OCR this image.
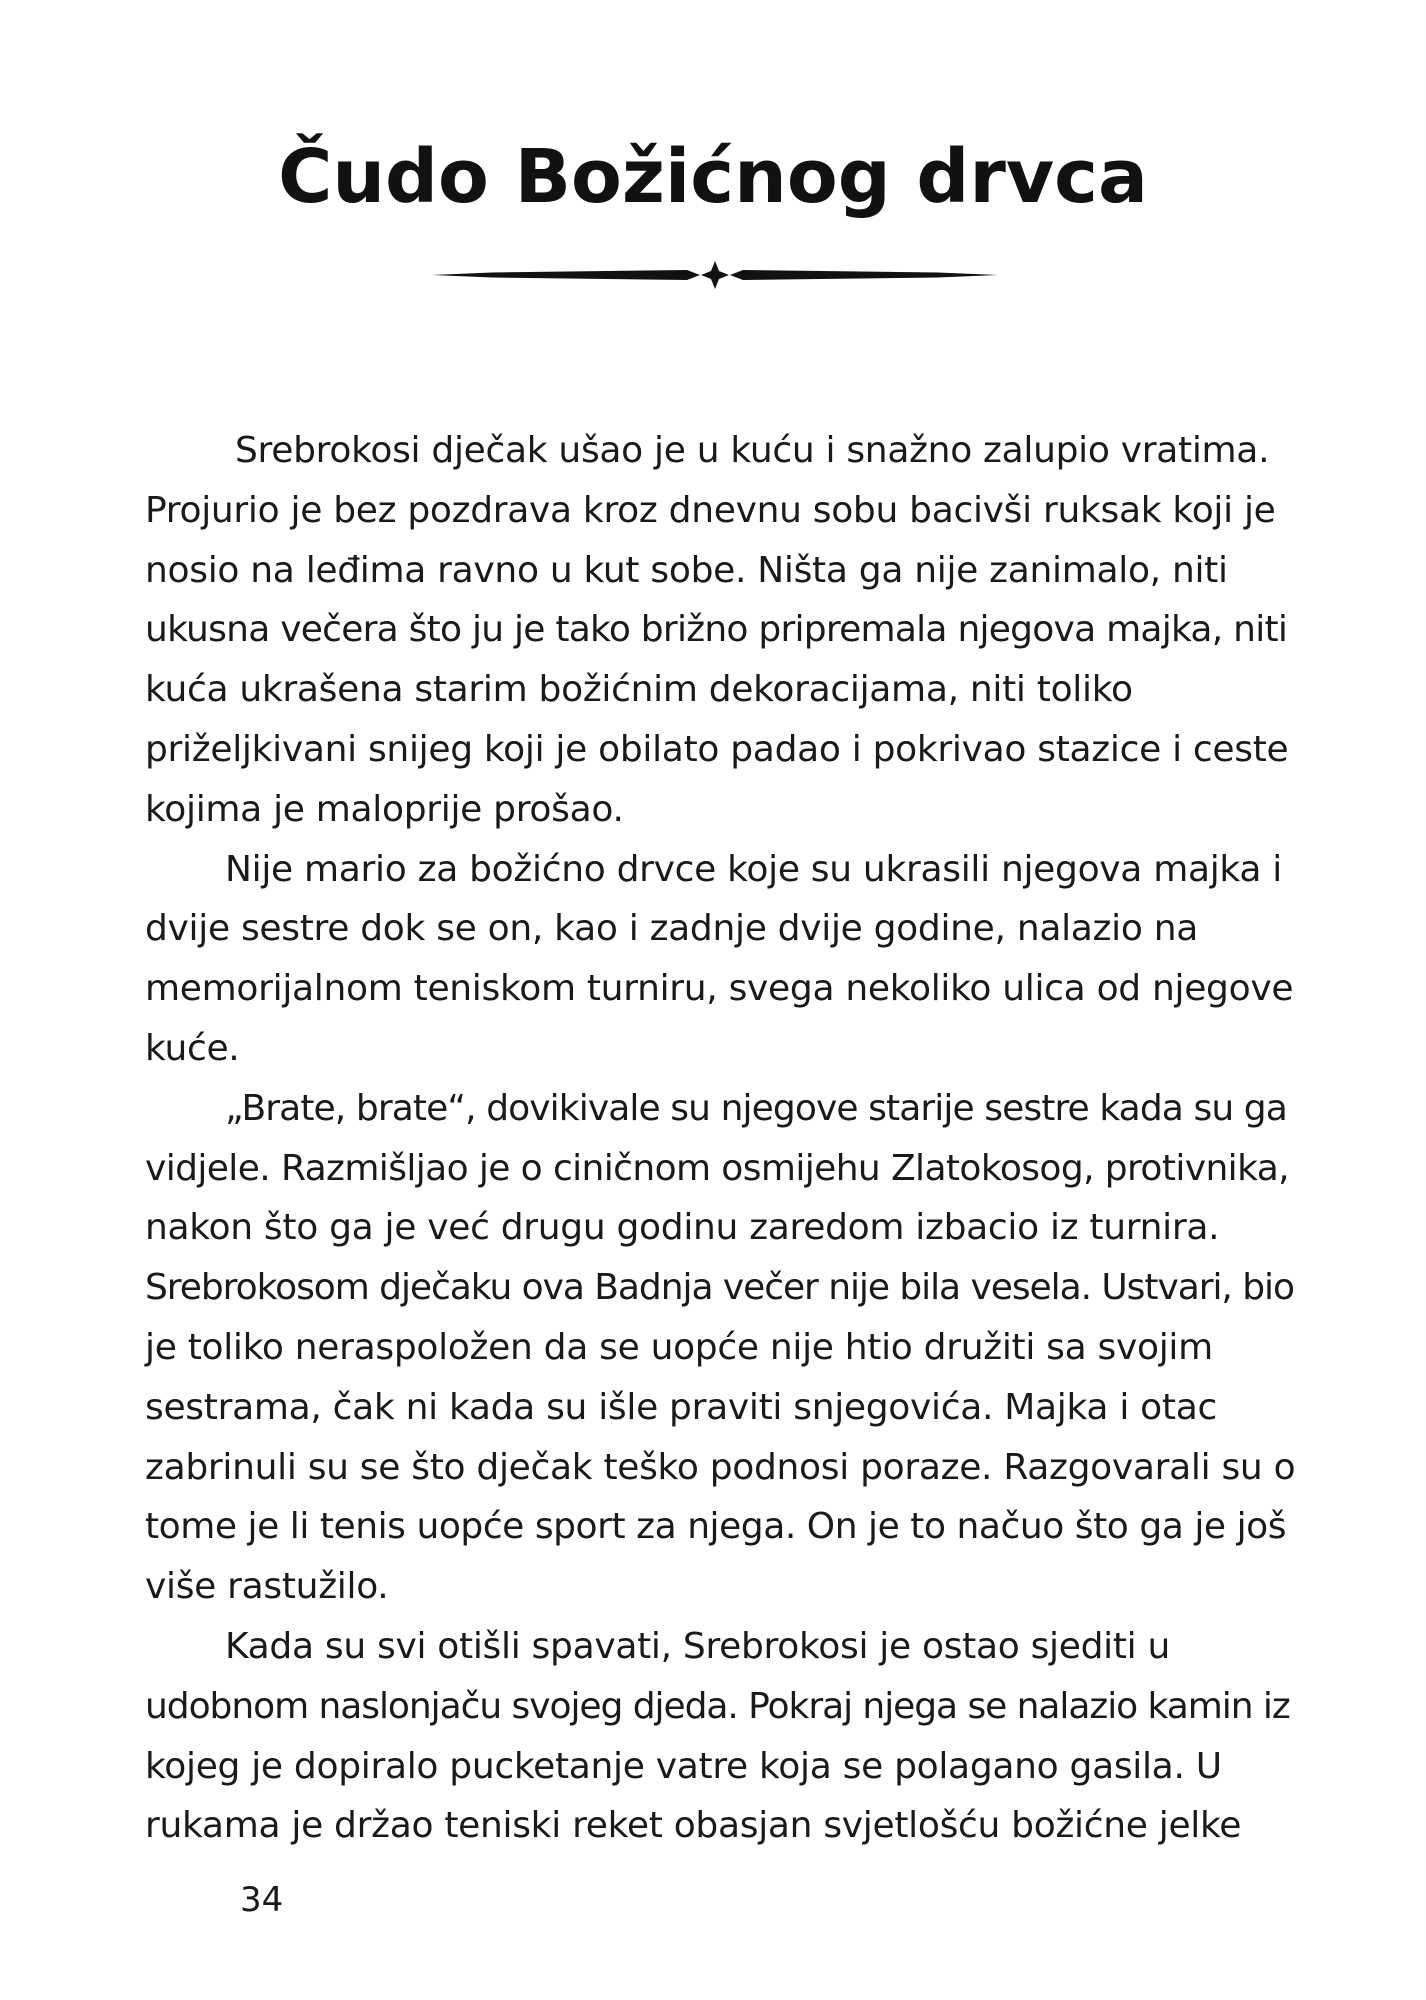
Čudo Božićnog drvca

Srebrokosi dječak ušao je u kuću i snažno zalupio vratima.
Projurio je bez pozdrava kroz dnevnu sobu bacivši ruksak koji je
nosio na leđima ravno u kut sobe. Ništa ga nije zanimalo, niti
ukusna večera što ju je tako brižno pripremala njegova majka, niti
kuća ukrašena starim božićnim dekoracijama, niti toliko
priželjkivani snijeg koji je obilato padao i pokrivao stazice i ceste
kojima je maloprije prošao.

Nije mario za božićno drvce koje su ukrasili njegova majka i
dvije sestre dok se on, kao i zadnje dvije godine, nalazio na
memorijalnom teniskom turniru, svega nekoliko ulica od njegove
kuće.

„Brate, brate“, dovikivale su njegove starije sestre kada su ga
vidjele. Razmišljao je o ciničnom osmijehu Zlatokosog, protivnika,
nakon što ga je već drugu godinu zaredom izbacio iz turnira.
Srebrokosom dječaku ova Badnja večer nije bila vesela. Ustvari, bio
je toliko neraspoložen da se uopće nije htio družiti sa svojim
sestrama, čak ni kada su išle praviti snjegovića. Majka i otac
zabrinuli su se što dječak teško podnosi poraze. Razgovarali su o
tome je li tenis uopće sport za njega. On je to načuo što ga je još
više rastužilo.

Kada su svi otišli spavati, Srebrokosi je ostao sjediti u
udobnom naslonjaču svojeg djeda. Pokraj njega se nalazio kamin iz
kojeg je dopiralo pucketanje vatre koja se polagano gasila. U
rukama je držao teniski reket obasjan svjetlošću božićne jelke

34
